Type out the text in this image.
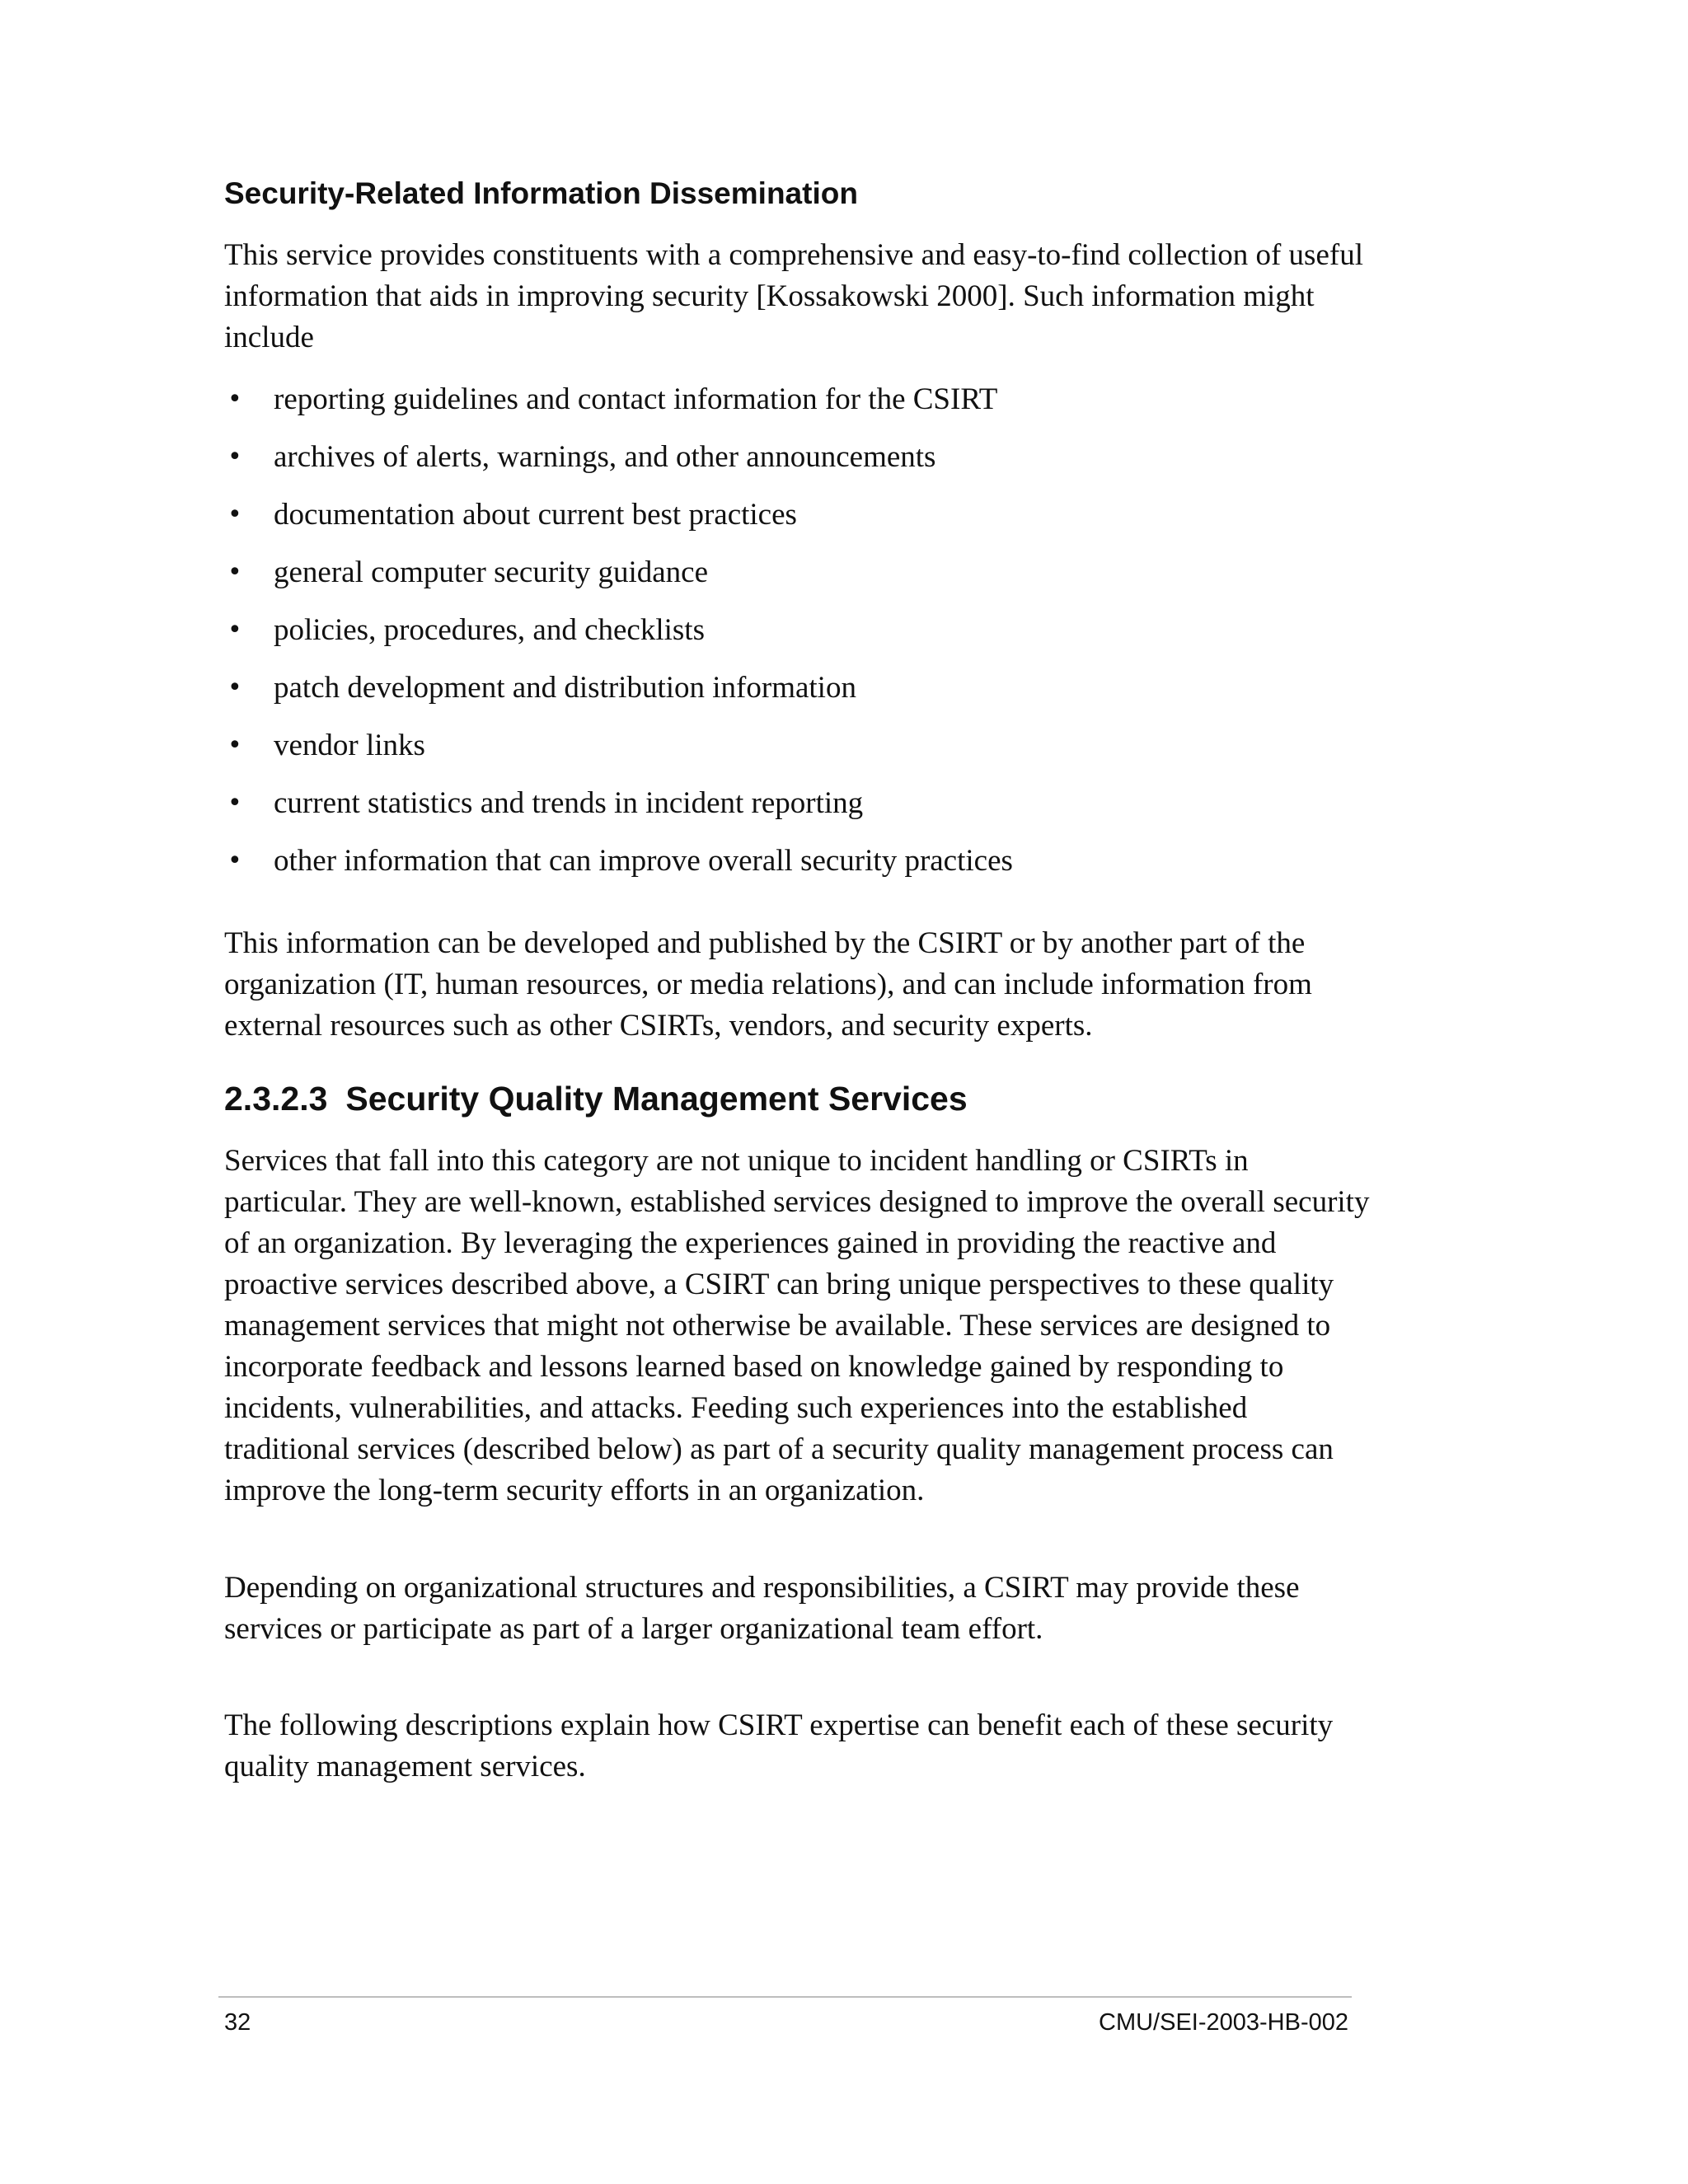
Security-Related Information Dissemination

This service provides constituents with a comprehensive and easy-to-find collection of useful information that aids in improving security [Kossakowski 2000]. Such information might include

• reporting guidelines and contact information for the CSIRT
• archives of alerts, warnings, and other announcements
• documentation about current best practices
• general computer security guidance
• policies, procedures, and checklists
• patch development and distribution information
• vendor links
• current statistics and trends in incident reporting
• other information that can improve overall security practices

This information can be developed and published by the CSIRT or by another part of the organization (IT, human resources, or media relations), and can include information from external resources such as other CSIRTs, vendors, and security experts.

2.3.2.3 Security Quality Management Services

Services that fall into this category are not unique to incident handling or CSIRTs in particular. They are well-known, established services designed to improve the overall security of an organization. By leveraging the experiences gained in providing the reactive and proactive services described above, a CSIRT can bring unique perspectives to these quality management services that might not otherwise be available. These services are designed to incorporate feedback and lessons learned based on knowledge gained by responding to incidents, vulnerabilities, and attacks. Feeding such experiences into the established traditional services (described below) as part of a security quality management process can improve the long-term security efforts in an organization.

Depending on organizational structures and responsibilities, a CSIRT may provide these services or participate as part of a larger organizational team effort.

The following descriptions explain how CSIRT expertise can benefit each of these security quality management services.

32	CMU/SEI-2003-HB-002
